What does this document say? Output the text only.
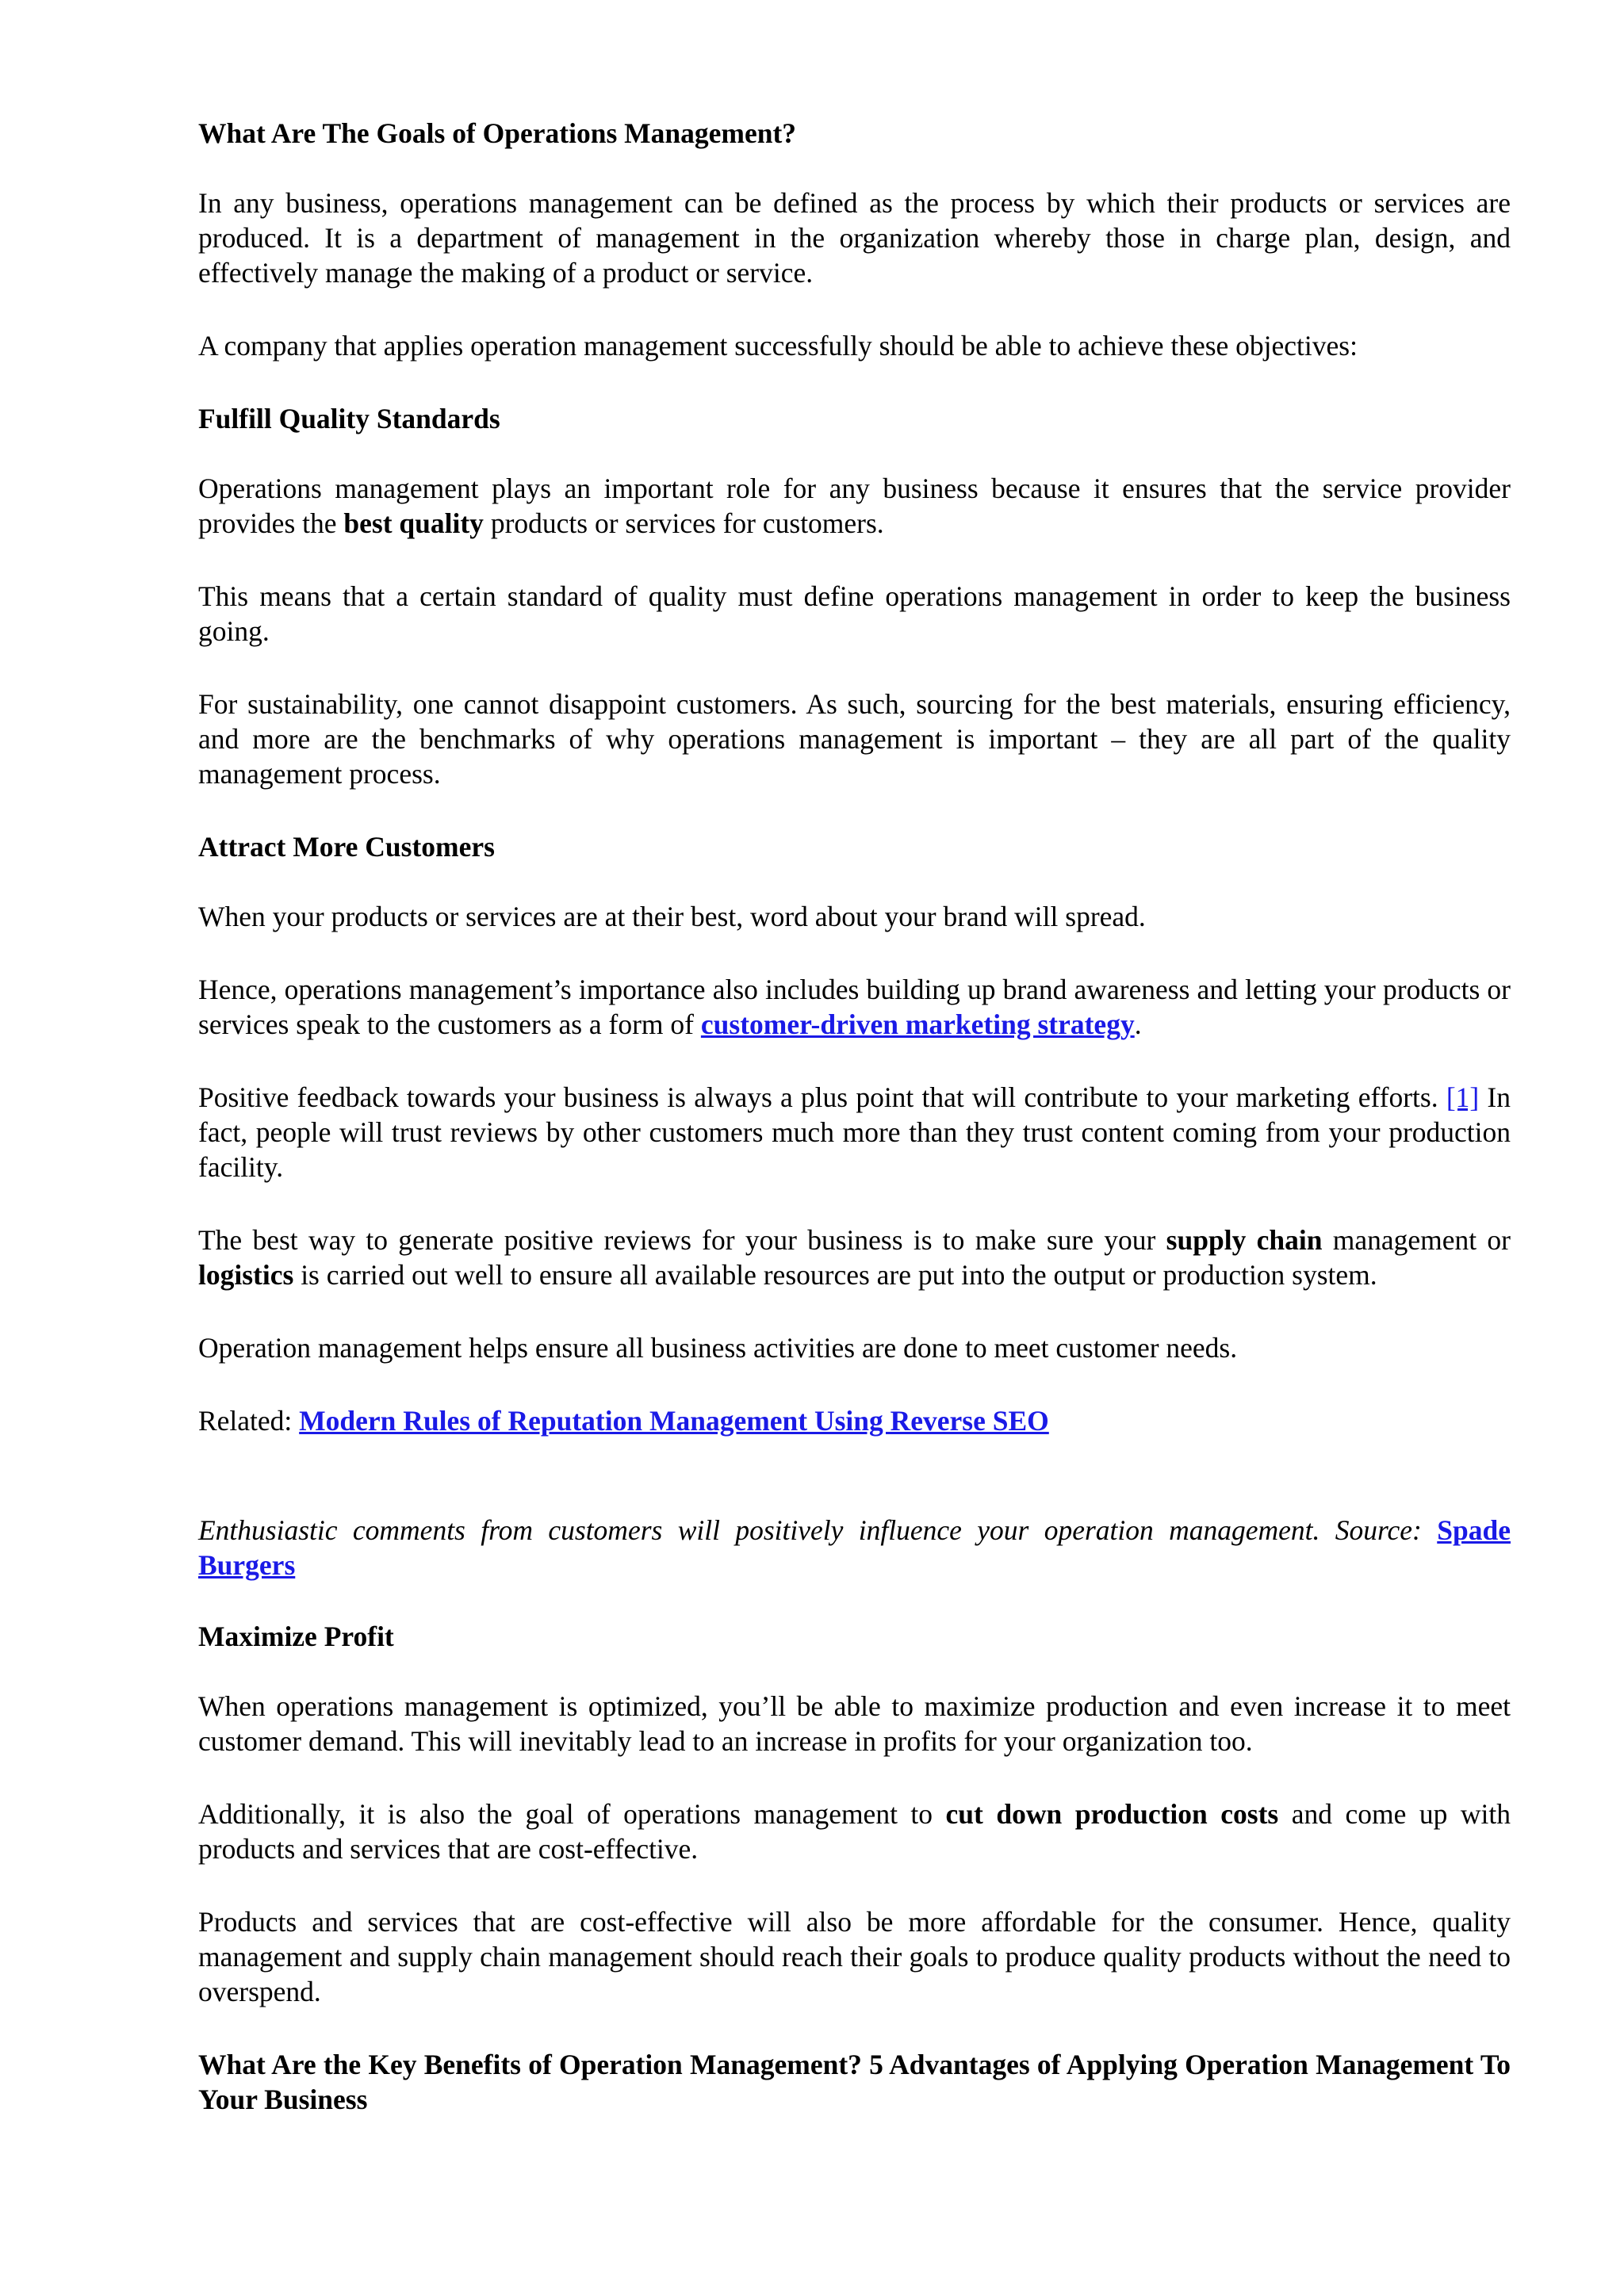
What Are The Goals of Operations Management?

In any business, operations management can be defined as the process by which their products or services are produced. It is a department of management in the organization whereby those in charge plan, design, and effectively manage the making of a product or service.

A company that applies operation management successfully should be able to achieve these objectives:

Fulfill Quality Standards

Operations management plays an important role for any business because it ensures that the service provider provides the best quality products or services for customers.

This means that a certain standard of quality must define operations management in order to keep the business going.

For sustainability, one cannot disappoint customers. As such, sourcing for the best materials, ensuring efficiency, and more are the benchmarks of why operations management is important – they are all part of the quality management process.

Attract More Customers

When your products or services are at their best, word about your brand will spread.

Hence, operations management’s importance also includes building up brand awareness and letting your products or services speak to the customers as a form of customer-driven marketing strategy.

Positive feedback towards your business is always a plus point that will contribute to your marketing efforts. [1] In fact, people will trust reviews by other customers much more than they trust content coming from your production facility.

The best way to generate positive reviews for your business is to make sure your supply chain management or logistics is carried out well to ensure all available resources are put into the output or production system.

Operation management helps ensure all business activities are done to meet customer needs.

Related: Modern Rules of Reputation Management Using Reverse SEO

Enthusiastic comments from customers will positively influence your operation management. Source: Spade Burgers

Maximize Profit

When operations management is optimized, you’ll be able to maximize production and even increase it to meet customer demand. This will inevitably lead to an increase in profits for your organization too.

Additionally, it is also the goal of operations management to cut down production costs and come up with products and services that are cost-effective.

Products and services that are cost-effective will also be more affordable for the consumer. Hence, quality management and supply chain management should reach their goals to produce quality products without the need to overspend.

What Are the Key Benefits of Operation Management? 5 Advantages of Applying Operation Management To Your Business
